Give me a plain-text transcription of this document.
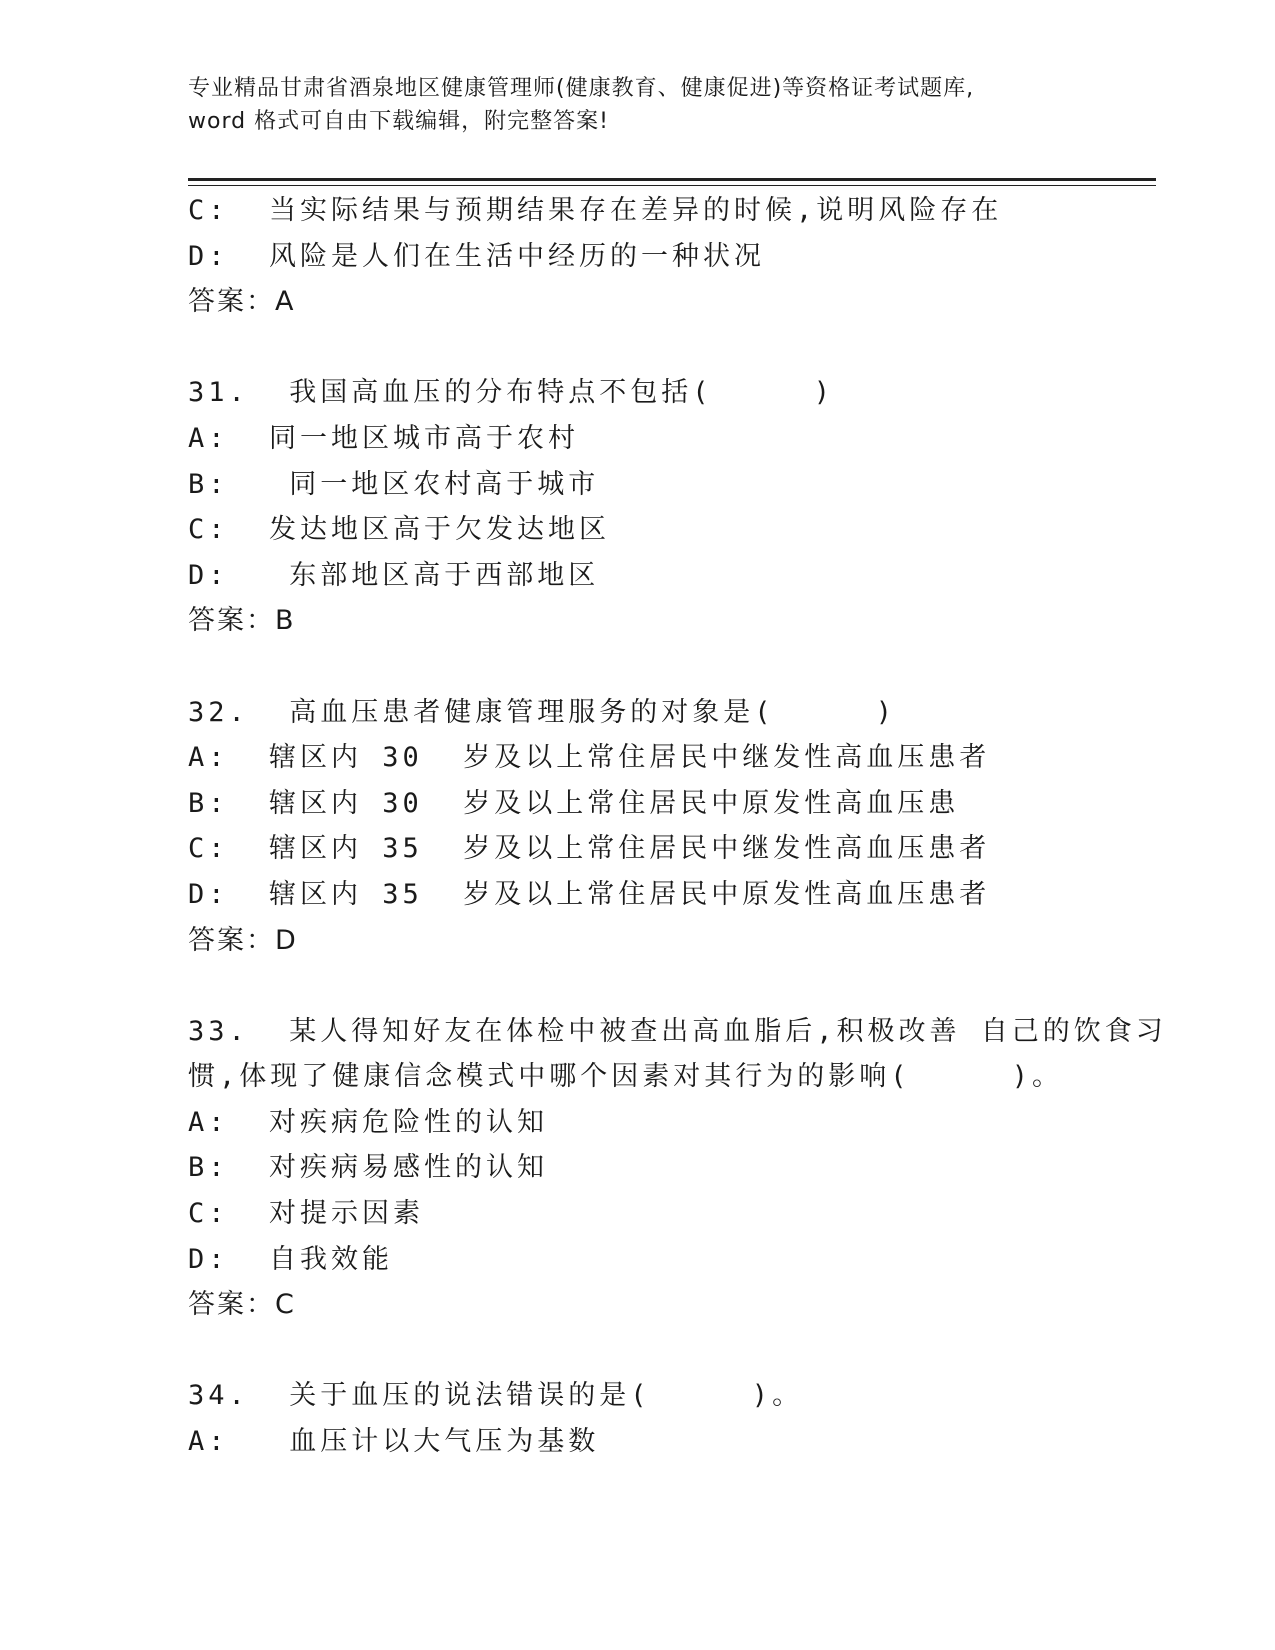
专业精品甘肃省酒泉地区健康管理师(健康教育、健康促进)等资格证考试题库,
word 格式可自由下载编辑，附完整答案!
C:  当实际结果与预期结果存在差异的时候,说明风险存在
D:  风险是人们在生活中经历的一种状况
答案：A
31.  我国高血压的分布特点不包括(     )
A:  同一地区城市高于农村
B:   同一地区农村高于城市
C:  发达地区高于欠发达地区
D:   东部地区高于西部地区
答案：B
32.  高血压患者健康管理服务的对象是(     )
A:  辖区内 30  岁及以上常住居民中继发性高血压患者
B:  辖区内 30  岁及以上常住居民中原发性高血压患
C:  辖区内 35  岁及以上常住居民中继发性高血压患者
D:  辖区内 35  岁及以上常住居民中原发性高血压患者
答案：D
33.  某人得知好友在体检中被查出高血脂后,积极改善 自己的饮食习
惯,体现了健康信念模式中哪个因素对其行为的影响(     )。
A:  对疾病危险性的认知
B:  对疾病易感性的认知
C:  对提示因素
D:  自我效能
答案：C
34.  关于血压的说法错误的是(     )。
A:   血压计以大气压为基数
